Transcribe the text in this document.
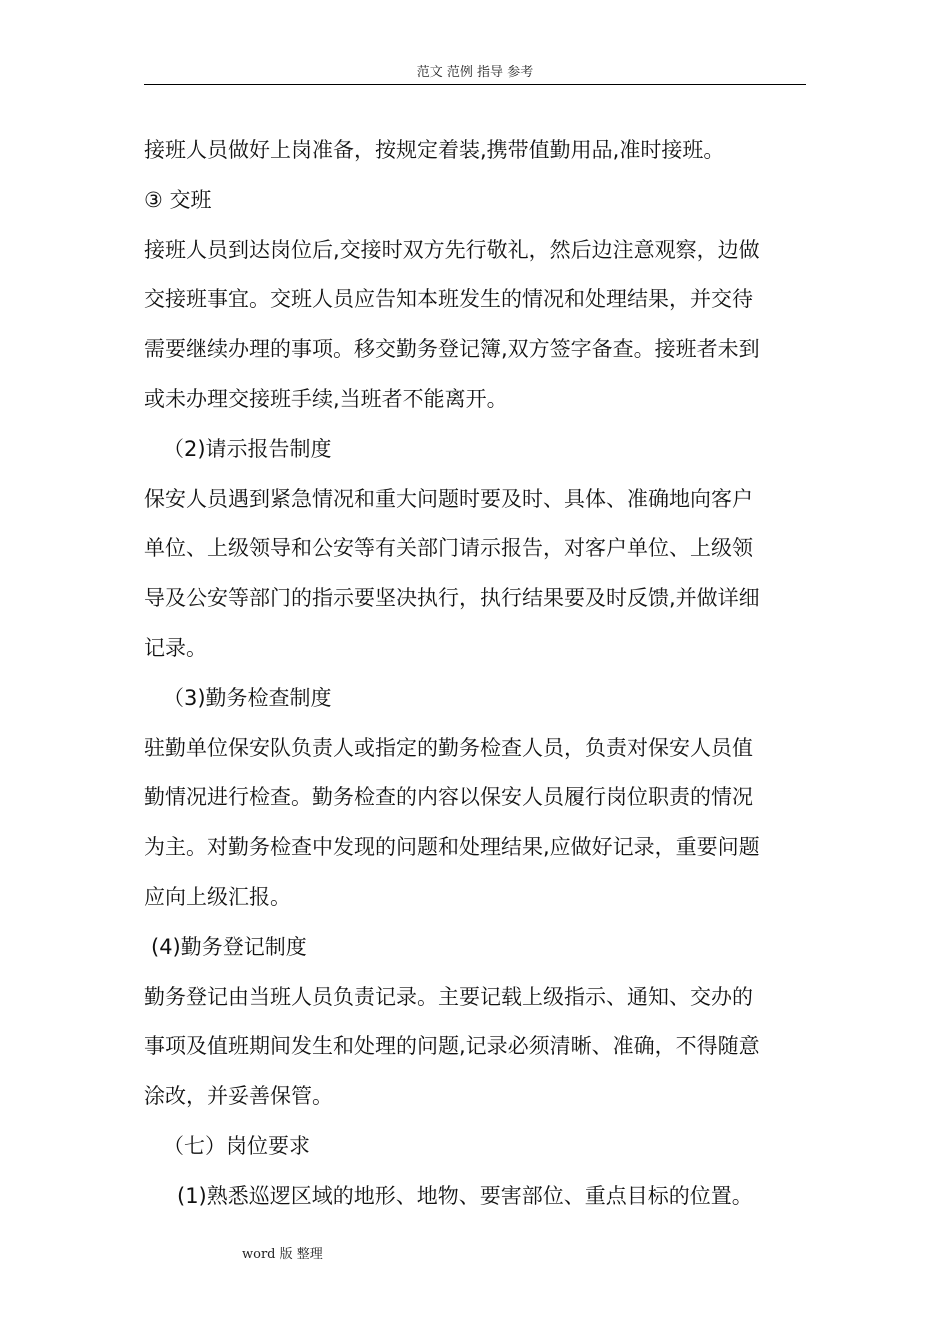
范文 范例 指导 参考
接班人员做好上岗准备，按规定着装,携带值勤用品,准时接班。
③ 交班
接班人员到达岗位后,交接时双方先行敬礼，然后边注意观察，边做
交接班事宜。交班人员应告知本班发生的情况和处理结果，并交待
需要继续办理的事项。移交勤务登记簿,双方签字备查。接班者未到
或未办理交接班手续,当班者不能离开。
（2)请示报告制度
保安人员遇到紧急情况和重大问题时要及时、具体、准确地向客户
单位、上级领导和公安等有关部门请示报告，对客户单位、上级领
导及公安等部门的指示要坚决执行，执行结果要及时反馈,并做详细
记录。
（3)勤务检查制度
驻勤单位保安队负责人或指定的勤务检查人员，负责对保安人员值
勤情况进行检查。勤务检查的内容以保安人员履行岗位职责的情况
为主。对勤务检查中发现的问题和处理结果,应做好记录，重要问题
应向上级汇报。
(4)勤务登记制度
勤务登记由当班人员负责记录。主要记载上级指示、通知、交办的
事项及值班期间发生和处理的问题,记录必须清晰、准确，不得随意
涂改，并妥善保管。
（七）岗位要求
(1)熟悉巡逻区域的地形、地物、要害部位、重点目标的位置。
word 版 整理
